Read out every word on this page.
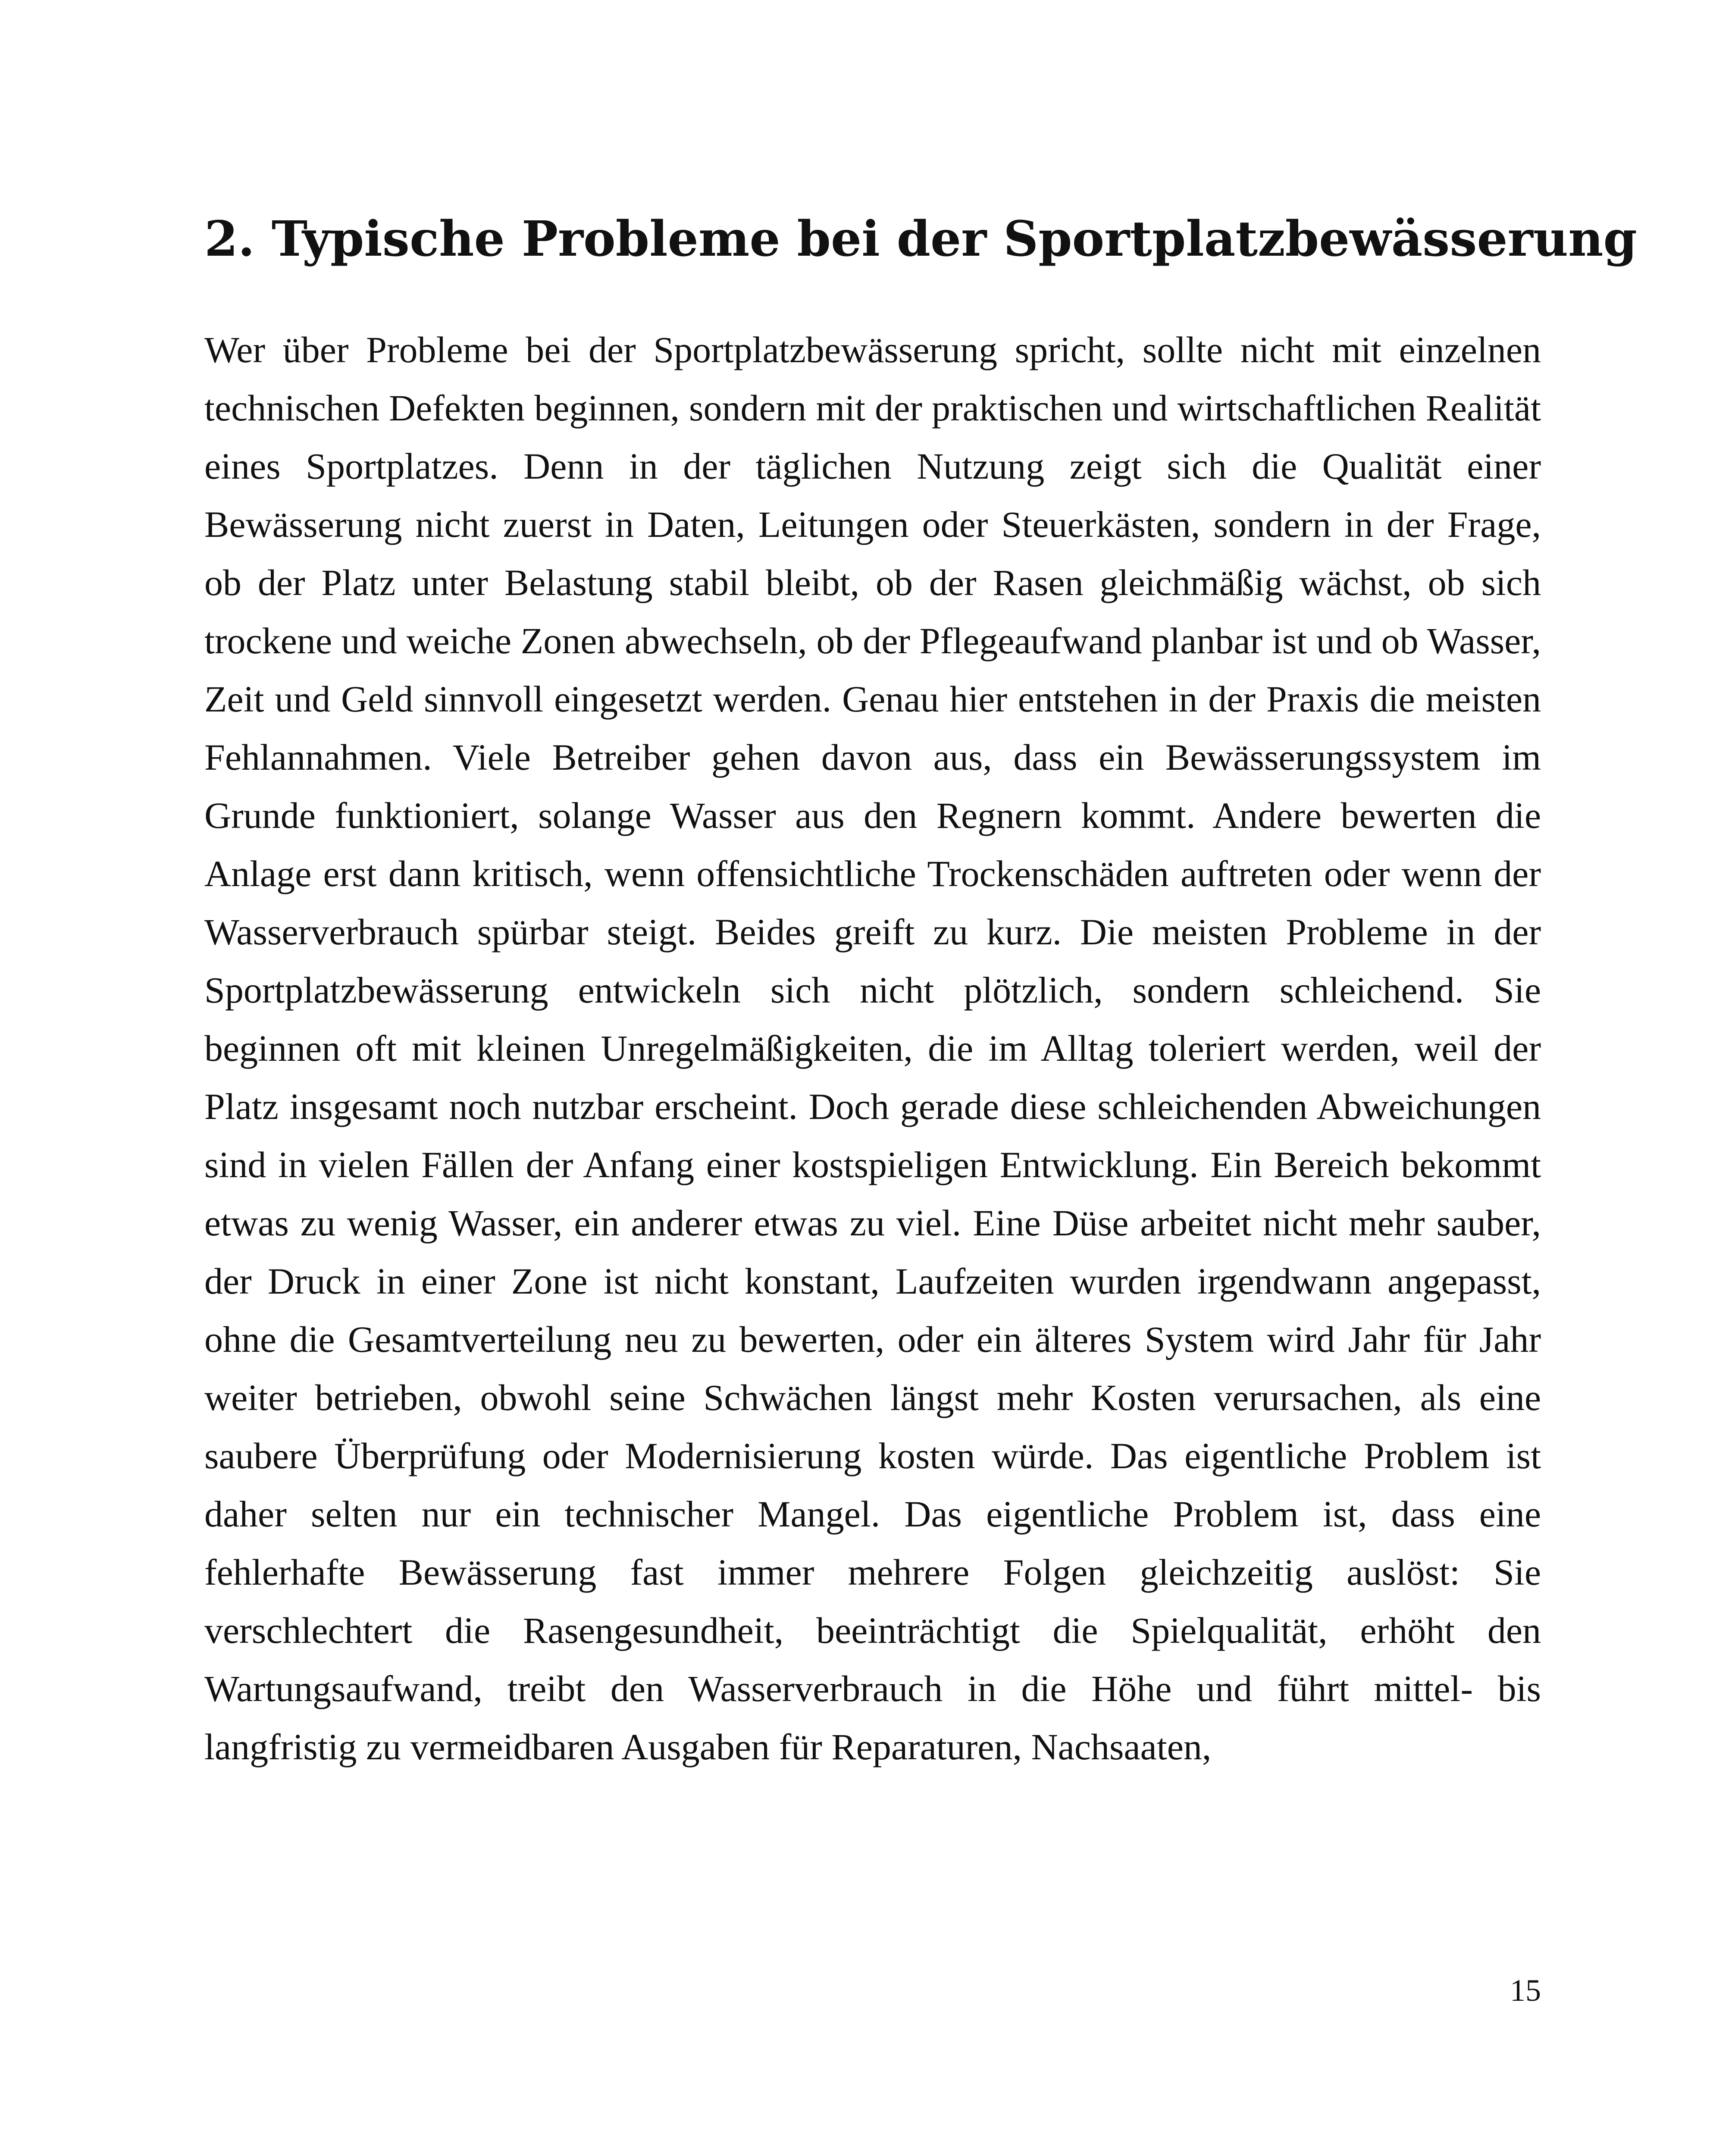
2. Typische Probleme bei der Sportplatzbewässerung

Wer über Probleme bei der Sportplatzbewässerung spricht, sollte nicht mit einzelnen technischen Defekten beginnen, sondern mit der praktischen und wirtschaftlichen Realität eines Sportplatzes. Denn in der täglichen Nutzung zeigt sich die Qualität einer Bewässerung nicht zuerst in Daten, Leitungen oder Steuerkästen, sondern in der Frage, ob der Platz unter Belastung stabil bleibt, ob der Rasen gleichmäßig wächst, ob sich trockene und weiche Zonen abwechseln, ob der Pflegeaufwand planbar ist und ob Wasser, Zeit und Geld sinnvoll eingesetzt werden. Genau hier entstehen in der Praxis die meisten Fehlannahmen. Viele Betreiber gehen davon aus, dass ein Bewässerungssystem im Grunde funktioniert, solange Wasser aus den Regnern kommt. Andere bewerten die Anlage erst dann kritisch, wenn offensichtliche Trockenschäden auftreten oder wenn der Wasserverbrauch spürbar steigt. Beides greift zu kurz. Die meisten Probleme in der Sportplatzbewässerung entwickeln sich nicht plötzlich, sondern schleichend. Sie beginnen oft mit kleinen Unregelmäßigkeiten, die im Alltag toleriert werden, weil der Platz insgesamt noch nutzbar erscheint. Doch gerade diese schleichenden Abweichungen sind in vielen Fällen der Anfang einer kostspieligen Entwicklung. Ein Bereich bekommt etwas zu wenig Wasser, ein anderer etwas zu viel. Eine Düse arbeitet nicht mehr sauber, der Druck in einer Zone ist nicht konstant, Laufzeiten wurden irgendwann angepasst, ohne die Gesamtverteilung neu zu bewerten, oder ein älteres System wird Jahr für Jahr weiter betrieben, obwohl seine Schwächen längst mehr Kosten verursachen, als eine saubere Überprüfung oder Modernisierung kosten würde. Das eigentliche Problem ist daher selten nur ein technischer Mangel. Das eigentliche Problem ist, dass eine fehlerhafte Bewässerung fast immer mehrere Folgen gleichzeitig auslöst: Sie verschlechtert die Rasengesundheit, beeinträchtigt die Spielqualität, erhöht den Wartungsaufwand, treibt den Wasserverbrauch in die Höhe und führt mittel- bis langfristig zu vermeidbaren Ausgaben für Reparaturen, Nachsaaten,

15
